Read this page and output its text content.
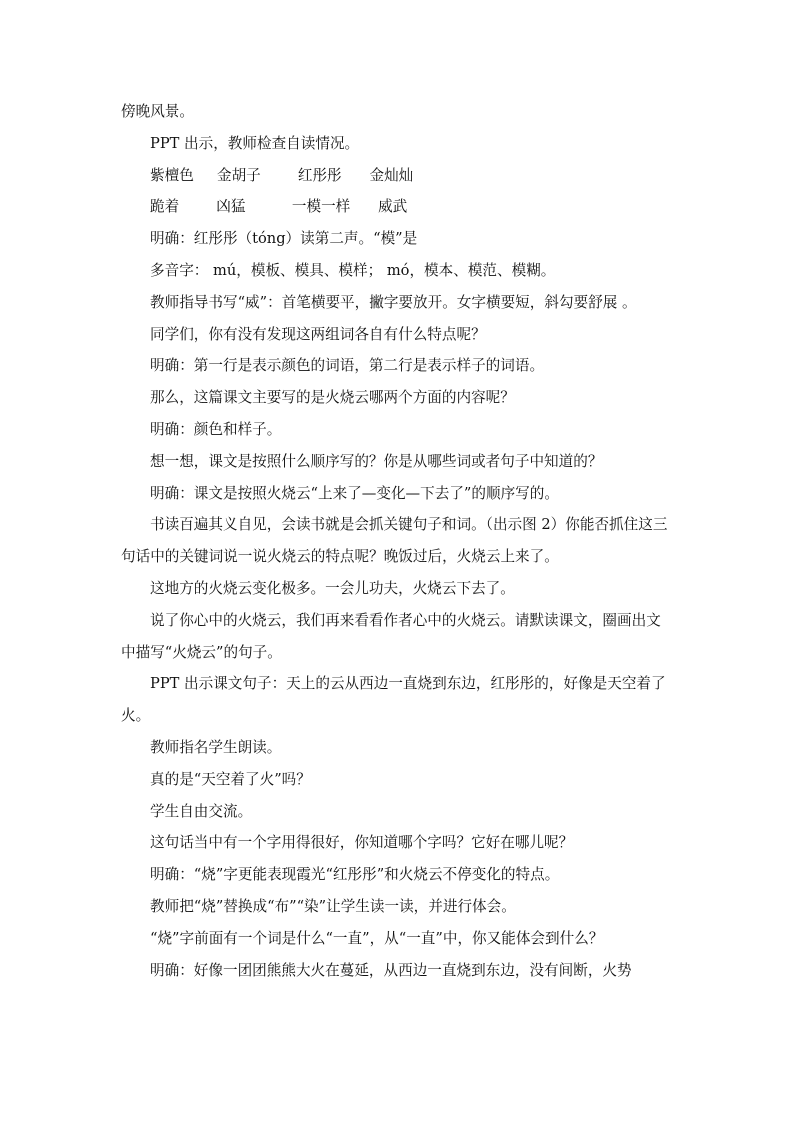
傍晚风景。

PPT 出示，教师检查自读情况。

紫檀色     金胡子        红彤彤      金灿灿

跪着        凶猛          一模一样      威武

明确：红彤彤（tóng）读第二声。“模”是

多音字： mú，模板、模具、模样； mó，模本、模范、模糊。

教师指导书写“威”：首笔横要平，撇字要放开。女字横要短，斜勾要舒展 。

同学们，你有没有发现这两组词各自有什么特点呢？

明确：第一行是表示颜色的词语，第二行是表示样子的词语。

那么，这篇课文主要写的是火烧云哪两个方面的内容呢？

明确：颜色和样子。

想一想，课文是按照什么顺序写的？你是从哪些词或者句子中知道的？

明确：课文是按照火烧云“上来了—变化—下去了”的顺序写的。

书读百遍其义自见，会读书就是会抓关键句子和词。（出示图 2）你能否抓住这三句话中的关键词说一说火烧云的特点呢？晚饭过后，火烧云上来了。

这地方的火烧云变化极多。一会儿功夫，火烧云下去了。

说了你心中的火烧云，我们再来看看作者心中的火烧云。请默读课文，圈画出文中描写“火烧云”的句子。

PPT 出示课文句子：天上的云从西边一直烧到东边，红彤彤的，好像是天空着了火。

教师指名学生朗读。

真的是“天空着了火”吗？

学生自由交流。

这句话当中有一个字用得很好，你知道哪个字吗？它好在哪儿呢？

明确：“烧”字更能表现霞光“红彤彤”和火烧云不停变化的特点。

教师把“烧”替换成“布”“染”让学生读一读，并进行体会。

“烧”字前面有一个词是什么“一直”，从“一直”中，你又能体会到什么？

明确：好像一团团熊熊大火在蔓延，从西边一直烧到东边，没有间断，火势
